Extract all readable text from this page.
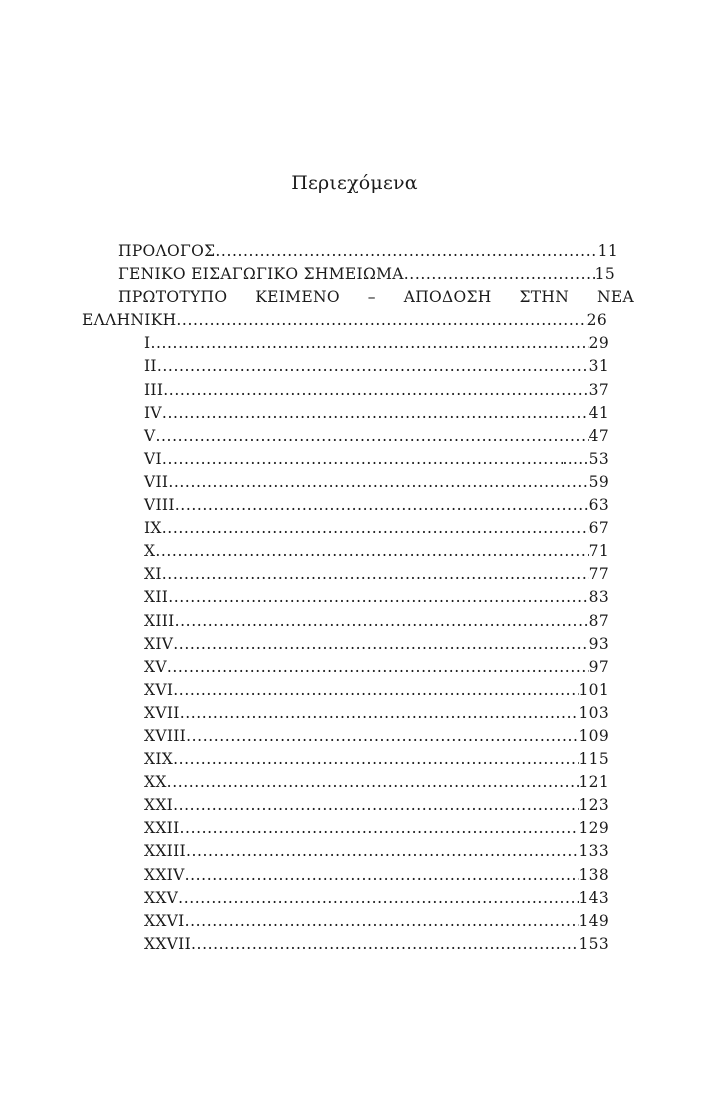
Περιεχόμενα
ΠΡΟΛΟΓΟΣ .....	11
ΓΕΝΙΚΟ ΕΙΣΑΓΩΓΙΚΟ ΣΗΜΕΙΩΜΑ .....	15
ΠΡΩΤΟΤΥΠΟ ΚΕΙΜΕΝΟ – ΑΠΟΔΟΣΗ ΣΤΗΝ ΝΕΑ
ΕΛΛΗΝΙΚΗ .....	26
I .....	29
II .....	31
III .....	37
IV .....	41
V .....	47
VI .....	.....53
VII .....	59
VIII .....	63
IX .....	67
X .....	71
XI .....	77
XII .....	83
XIII .....	87
XIV .....	93
XV .....	97
XVI .....	101
XVII .....	103
XVIII .....	109
XIX .....	115
XX .....	121
XXI .....	123
XXII .....	129
XXIII .....	133
XXIV .....	138
XXV .....	143
XXVI .....	149
XXVII .....	153
